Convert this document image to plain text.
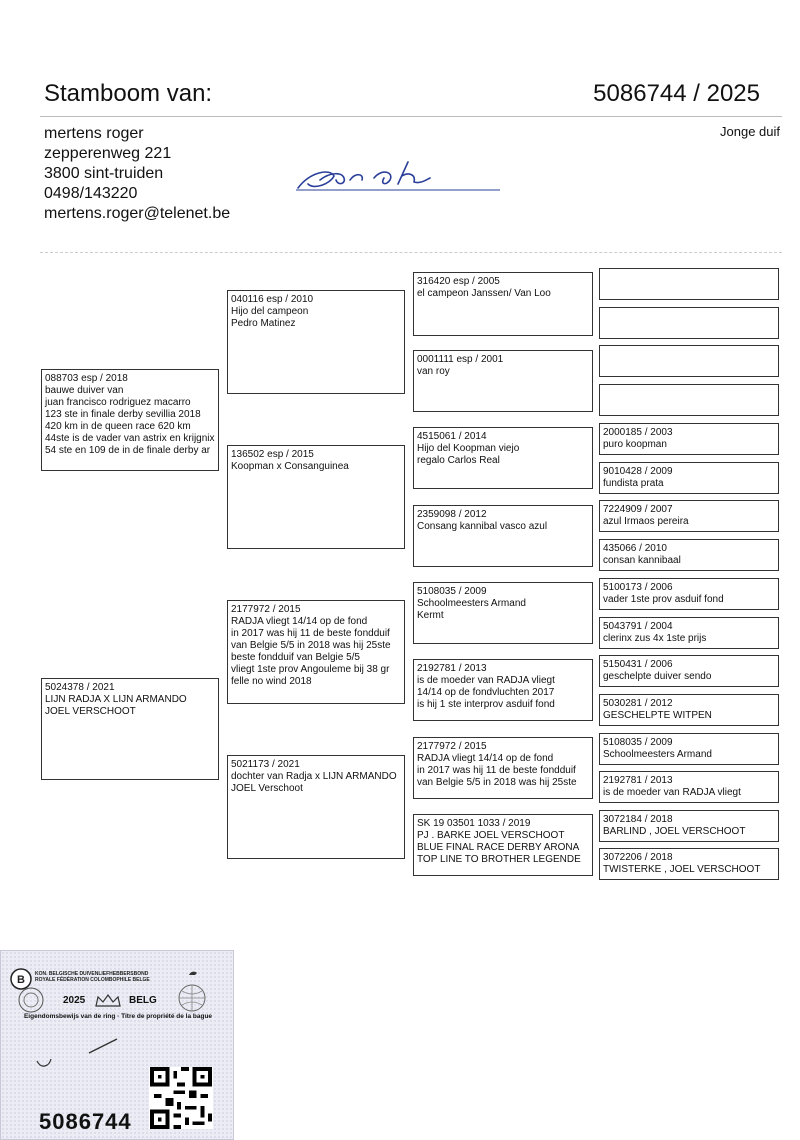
Stamboom van:	5086744 / 2025
mertens roger
zepperenweg 221
3800 sint-truiden
0498/143220
mertens.roger@telenet.be
Jonge duif
088703 esp / 2018
bauwe duiver van
juan francisco rodriguez macarro
123 ste in finale derby sevillia 2018
420 km in de queen race 620 km
44ste is de vader van astrix en krijgnix
54 ste en 109 de in de finale derby ar
5024378 / 2021
LIJN RADJA X LIJN ARMANDO
JOEL VERSCHOOT
040116 esp / 2010
Hijo del campeon
Pedro Matinez
136502 esp / 2015
Koopman x Consanguinea
2177972 / 2015
RADJA vliegt 14/14 op de fond
in 2017 was hij 11 de beste fondduif
van Belgie 5/5 in 2018 was hij 25ste
beste fondduif van Belgie 5/5
vliegt 1ste prov Angouleme bij 38 gr
felle no wind 2018
5021173 / 2021
dochter van Radja x LIJN ARMANDO
JOEL Verschoot
316420 esp / 2005
el campeon Janssen/ Van Loo
0001111 esp / 2001
van roy
4515061 / 2014
Hijo del Koopman viejo
regalo Carlos Real
2359098 / 2012
Consang kannibal vasco azul
5108035 / 2009
Schoolmeesters Armand
Kermt
2192781 / 2013
is de moeder van RADJA vliegt
14/14 op de fondvluchten 2017
is hij 1 ste interprov asduif fond
2177972 / 2015
RADJA vliegt 14/14 op de fond
in 2017 was hij 11 de beste fondduif
van Belgie 5/5 in 2018 was hij 25ste
SK 19 03501 1033 / 2019
PJ . BARKE JOEL VERSCHOOT
BLUE FINAL RACE DERBY ARONA
TOP LINE TO BROTHER LEGENDE
2000185 / 2003
puro koopman
9010428 / 2009
fundista prata
7224909 / 2007
azul Irmaos pereira
435066 / 2010
consan kannibaal
5100173 / 2006
vader 1ste prov asduif fond
5043791 / 2004
clerinx zus 4x 1ste prijs
5150431 / 2006
geschelpte duiver sendo
5030281 / 2012
GESCHELPTE WITPEN
5108035 / 2009
Schoolmeesters Armand
2192781 / 2013
is de moeder van RADJA vliegt
3072184 / 2018
BARLIND , JOEL VERSCHOOT
3072206 / 2018
TWISTERKE , JOEL VERSCHOOT
B KON. BELGISCHE DUIVENLIEFHEBBERSBOND
ROYALE FÉDÉRATION COLOMBOPHILE BELGE
2025	BELG
Eigendomsbewijs van de ring · Titre de propriété de la bague
5086744
